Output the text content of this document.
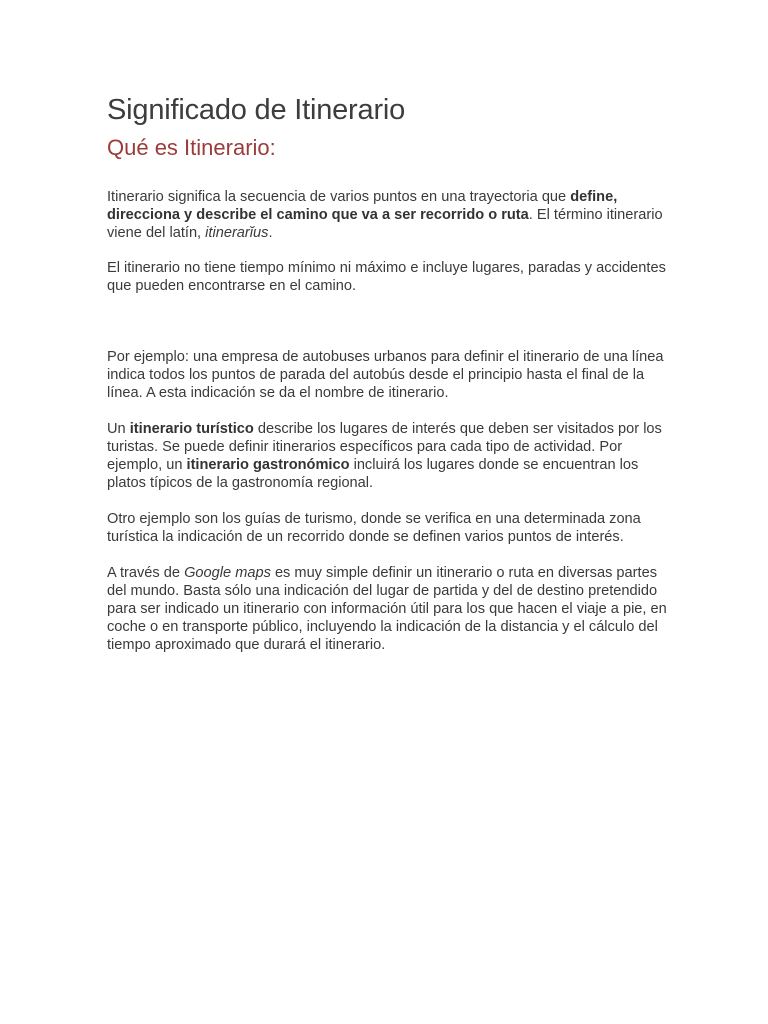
Significado de Itinerario
Qué es Itinerario:

Itinerario significa la secuencia de varios puntos en una trayectoria que define, direcciona y describe el camino que va a ser recorrido o ruta. El término itinerario viene del latín, itinerarĭus.

El itinerario no tiene tiempo mínimo ni máximo e incluye lugares, paradas y accidentes que pueden encontrarse en el camino.

Por ejemplo: una empresa de autobuses urbanos para definir el itinerario de una línea indica todos los puntos de parada del autobús desde el principio hasta el final de la línea. A esta indicación se da el nombre de itinerario.

Un itinerario turístico describe los lugares de interés que deben ser visitados por los turistas. Se puede definir itinerarios específicos para cada tipo de actividad. Por ejemplo, un itinerario gastronómico incluirá los lugares donde se encuentran los platos típicos de la gastronomía regional.

Otro ejemplo son los guías de turismo, donde se verifica en una determinada zona turística la indicación de un recorrido donde se definen varios puntos de interés.

A través de Google maps es muy simple definir un itinerario o ruta en diversas partes del mundo. Basta sólo una indicación del lugar de partida y del de destino pretendido para ser indicado un itinerario con información útil para los que hacen el viaje a pie, en coche o en transporte público, incluyendo la indicación de la distancia y el cálculo del tiempo aproximado que durará el itinerario.
